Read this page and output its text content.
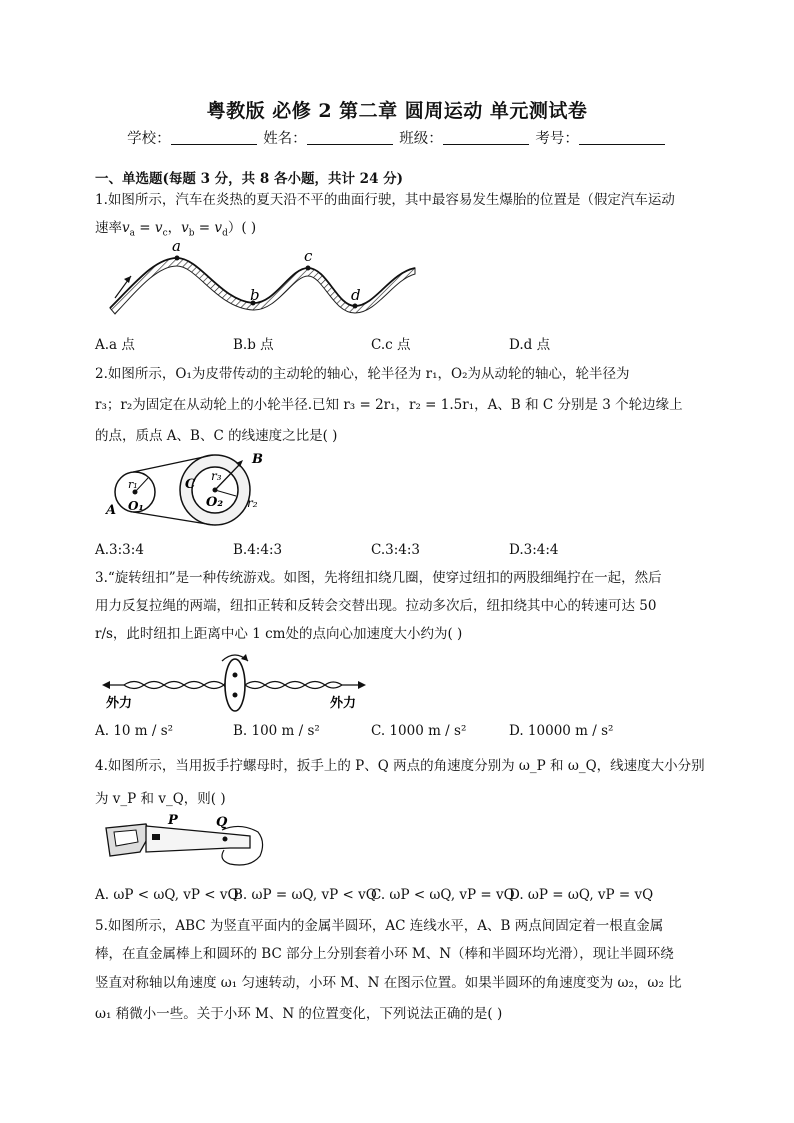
粤教版 必修 2 第二章 圆周运动 单元测试卷
学校：	姓名：	班级：	考号：
一、单选题(每题 3 分，共 8 各小题，共计 24 分)
1.如图所示，汽车在炎热的夏天沿不平的曲面行驶，其中最容易发生爆胎的位置是（假定汽车运动
速率$v_a = v_c$，$v_b = v_d$）( )
a
b
c
d
A.a 点	B.b 点	C.c 点	D.d 点
2.如图所示，O₁为皮带传动的主动轮的轴心，轮半径为 r₁，O₂为从动轮的轴心，轮半径为
r₃；r₂为固定在从动轮上的小轮半径.已知 r₃ = 2r₁，r₂ = 1.5r₁，A、B 和 C 分别是 3 个轮边缘上
的点，质点 A、B、C 的线速度之比是( )
r₁
O₁
A
C
r₃
O₂ r₂
B
A.3:3:4	B.4:4:3	C.3:4:3	D.3:4:4
3.“旋转纽扣”是一种传统游戏。如图，先将纽扣绕几圈，使穿过纽扣的两股细绳拧在一起，然后
用力反复拉绳的两端，纽扣正转和反转会交替出现。拉动多次后，纽扣绕其中心的转速可达 50
r/s，此时纽扣上距离中心 1 cm处的点向心加速度大小约为( )
外力	外力
A. 10 m / s²	B. 100 m / s²	C. 1000 m / s²	D. 10000 m / s²
4.如图所示，当用扳手拧螺母时，扳手上的 P、Q 两点的角速度分别为 ω_P 和 ω_Q，线速度大小分别
为 v_P 和 v_Q，则( )
P	Q
A. ωP < ωQ, vP < vQ
B. ωP = ωQ, vP < vQ
C. ωP < ωQ, vP = vQ
D. ωP = ωQ, vP = vQ
5.如图所示，ABC 为竖直平面内的金属半圆环，AC 连线水平，A、B 两点间固定着一根直金属
棒，在直金属棒上和圆环的 BC 部分上分别套着小环 M、N（棒和半圆环均光滑），现让半圆环绕
竖直对称轴以角速度 ω₁ 匀速转动，小环 M、N 在图示位置。如果半圆环的角速度变为 ω₂，ω₂ 比
ω₁ 稍微小一些。关于小环 M、N 的位置变化，下列说法正确的是( )
